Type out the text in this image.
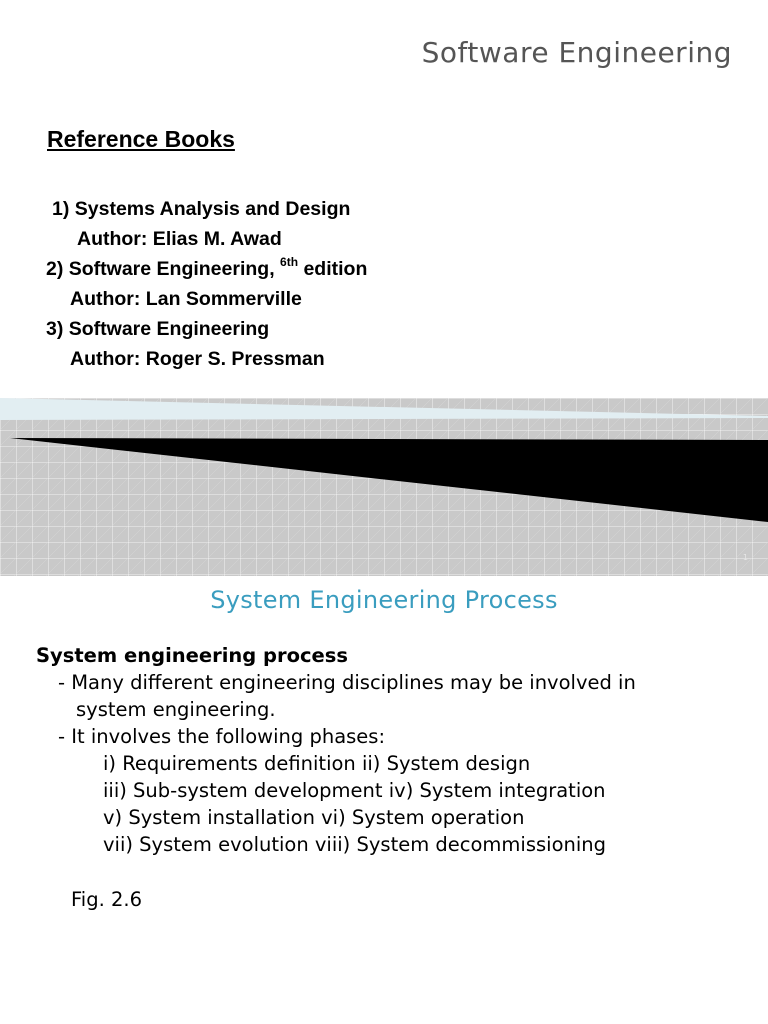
Software Engineering
Reference Books
1) Systems Analysis and Design
Author: Elias M. Awad
2) Software Engineering, $^{6th}$ edition
Author: Lan Sommerville
3) Software Engineering
Author: Roger S. Pressman
1
System Engineering Process
System engineering process
- Many different engineering disciplines may be involved in
system engineering.
- It involves the following phases:
i) Requirements definition ii) System design
iii) Sub-system development iv) System integration
v) System installation vi) System operation
vii) System evolution viii) System decommissioning
Fig. 2.6
